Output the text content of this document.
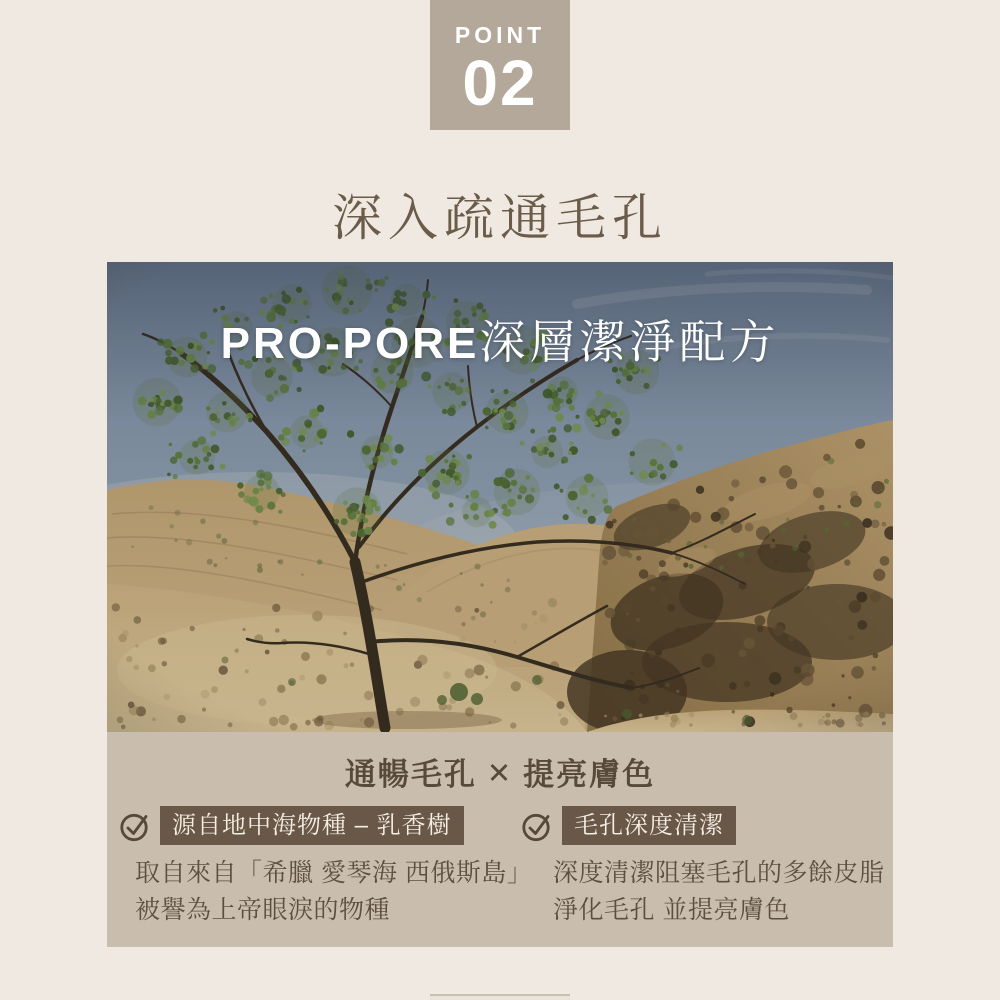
POINT
02
深入疏通毛孔
PRO-PORE深層潔淨配方
通暢毛孔 ✕ 提亮膚色
源自地中海物種 – 乳香樹

取自來自「希臘 愛琴海 西俄斯島」

被譽為上帝眼淚的物種

毛孔深度清潔

深度清潔阻塞毛孔的多餘皮脂

淨化毛孔 並提亮膚色
